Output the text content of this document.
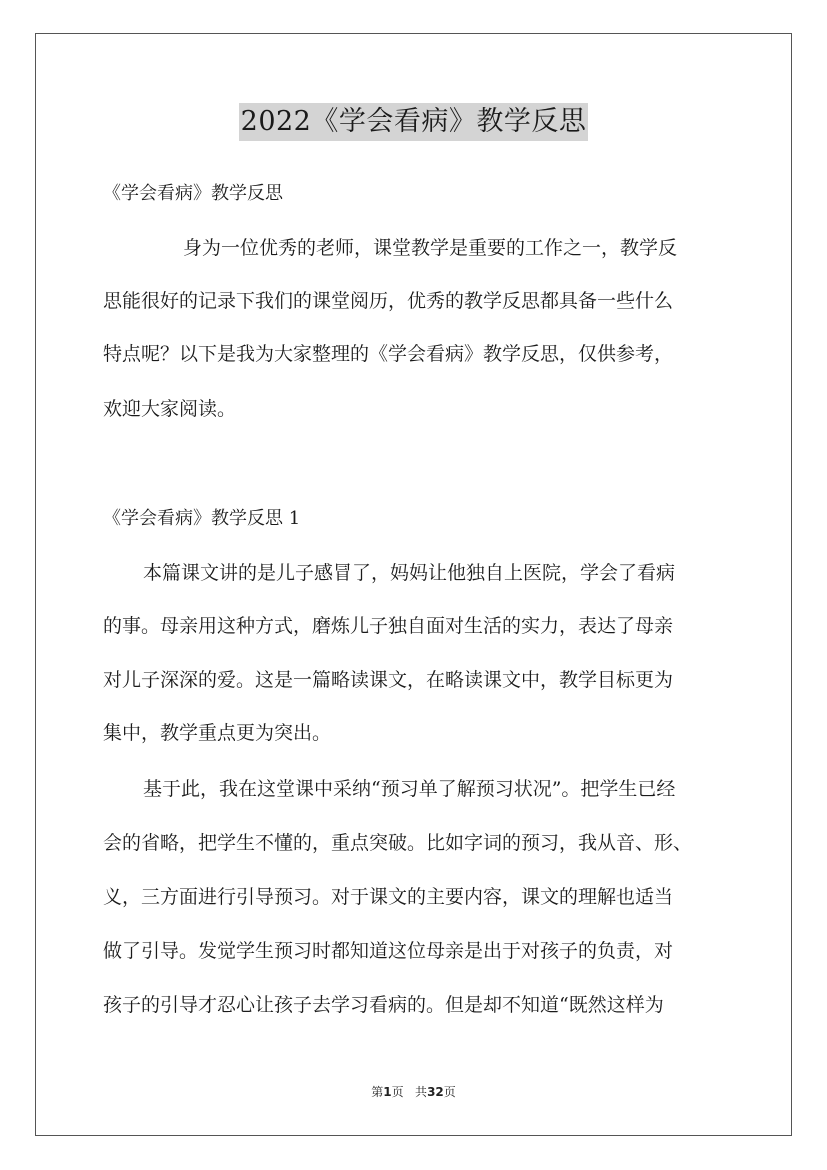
2022《学会看病》教学反思
《学会看病》教学反思
身为一位优秀的老师，课堂教学是重要的工作之一，教学反
思能很好的记录下我们的课堂阅历，优秀的教学反思都具备一些什么
特点呢？以下是我为大家整理的《学会看病》教学反思，仅供参考，
欢迎大家阅读。
《学会看病》教学反思 1
本篇课文讲的是儿子感冒了，妈妈让他独自上医院，学会了看病
的事。母亲用这种方式，磨炼儿子独自面对生活的实力，表达了母亲
对儿子深深的爱。这是一篇略读课文，在略读课文中，教学目标更为
集中，教学重点更为突出。
基于此，我在这堂课中采纳“预习单了解预习状况”。把学生已经
会的省略，把学生不懂的，重点突破。比如字词的预习，我从音、形、
义，三方面进行引导预习。对于课文的主要内容，课文的理解也适当
做了引导。发觉学生预习时都知道这位母亲是出于对孩子的负责，对
孩子的引导才忍心让孩子去学习看病的。但是却不知道“既然这样为
第1页 共32页
